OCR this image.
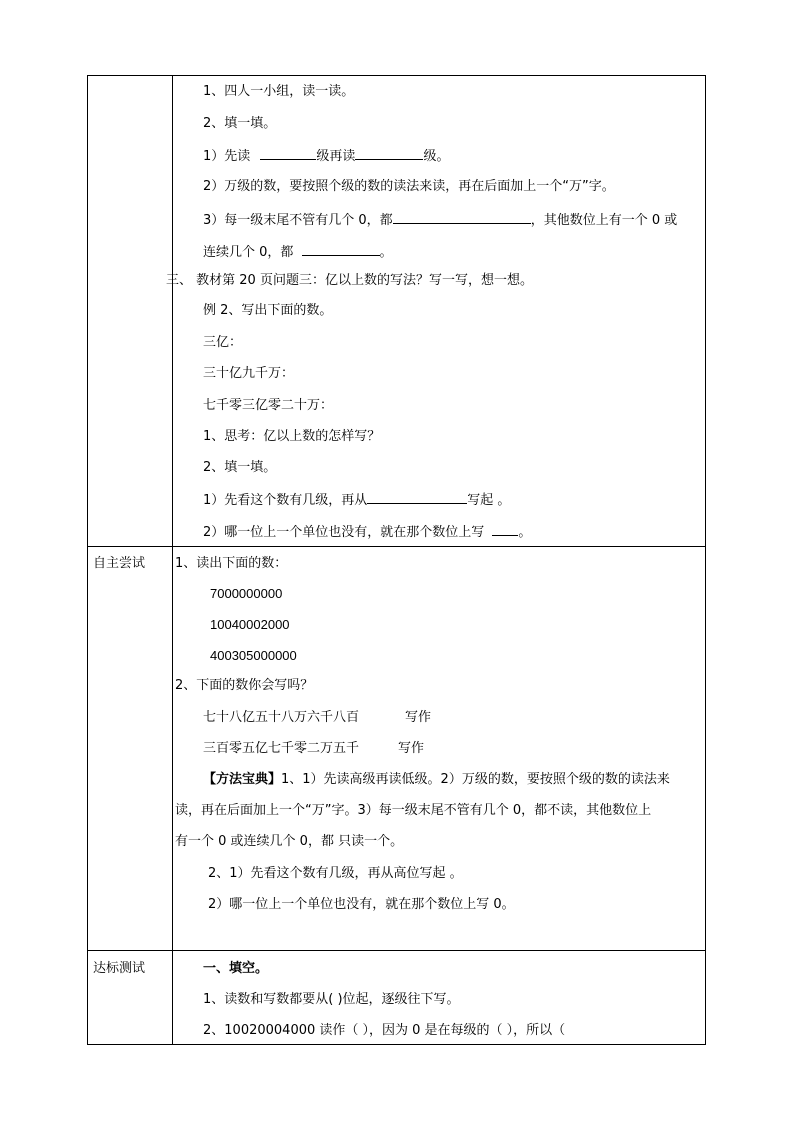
1、四人一小组，读一读。
2、填一填。
1）先读	级再读	级。
2）万级的数，要按照个级的数的读法来读，再在后面加上一个“万”字。
3）每一级末尾不管有几个 0，都	，其他数位上有一个 0 或
连续几个 0，都	。
三、 教材第 20 页问题三：亿以上数的写法？写一写，想一想。
例 2、写出下面的数。
三亿：
三十亿九千万：
七千零三亿零二十万：
1、思考：亿以上数的怎样写？
2、填一填。
1）先看这个数有几级，再从	写起 。
2）哪一位上一个单位也没有，就在那个数位上写	。
自主尝试 1、读出下面的数：
7000000000
10040002000
400305000000
2、下面的数你会写吗？
七十八亿五十八万六千八百	写作
三百零五亿七千零二万五千	写作
【方法宝典】1、1）先读高级再读低级。2）万级的数，要按照个级的数的读法来
读，再在后面加上一个“万”字。3）每一级末尾不管有几个 0，都不读，其他数位上
有一个 0 或连续几个 0，都 只读一个。
2、1）先看这个数有几级，再从高位写起 。
2）哪一位上一个单位也没有，就在那个数位上写 0。
达标测试	一、填空。
1、读数和写数都要从( )位起，逐级往下写。
2、10020004000 读作（ ），因为 0 是在每级的（ ），所以（
